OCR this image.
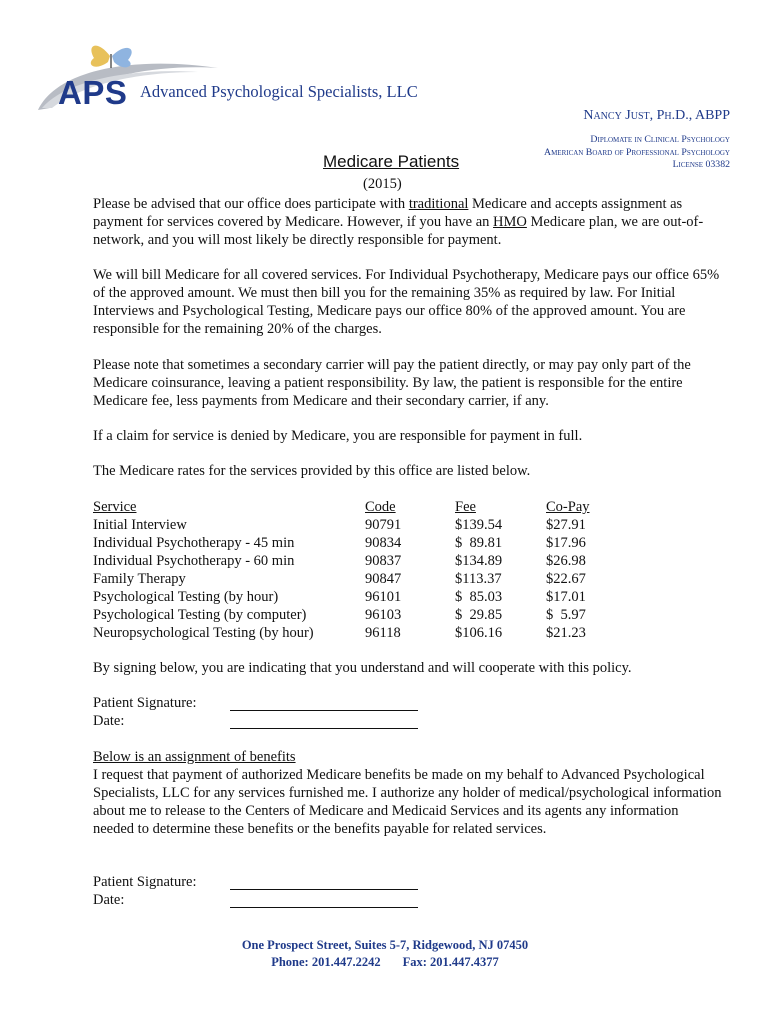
APS Advanced Psychological Specialists, LLC
Nancy Just, Ph.D., ABPP
Diplomate in Clinical Psychology
American Board of Professional Psychology
License 03382
Medicare Patients
(2015)
Please be advised that our office does participate with traditional Medicare and accepts assignment as payment for services covered by Medicare. However, if you have an HMO Medicare plan, we are out-of-network, and you will most likely be directly responsible for payment.
We will bill Medicare for all covered services. For Individual Psychotherapy, Medicare pays our office 65% of the approved amount. We must then bill you for the remaining 35% as required by law. For Initial Interviews and Psychological Testing, Medicare pays our office 80% of the approved amount. You are responsible for the remaining 20% of the charges.
Please note that sometimes a secondary carrier will pay the patient directly, or may pay only part of the Medicare coinsurance, leaving a patient responsibility. By law, the patient is responsible for the entire Medicare fee, less payments from Medicare and their secondary carrier, if any.
If a claim for service is denied by Medicare, you are responsible for payment in full.
The Medicare rates for the services provided by this office are listed below.
Service	Code	Fee	Co-Pay
Initial Interview	90791	$139.54	$27.91
Individual Psychotherapy - 45 min	90834	$  89.81	$17.96
Individual Psychotherapy - 60 min	90837	$134.89	$26.98
Family Therapy	90847	$113.37	$22.67
Psychological Testing (by hour)	96101	$  85.03	$17.01
Psychological Testing (by computer)	96103	$  29.85	$  5.97
Neuropsychological Testing (by hour)	96118	$106.16	$21.23
By signing below, you are indicating that you understand and will cooperate with this policy.
Patient Signature:
Date:
Below is an assignment of benefits
I request that payment of authorized Medicare benefits be made on my behalf to Advanced Psychological Specialists, LLC for any services furnished me. I authorize any holder of medical/psychological information about me to release to the Centers of Medicare and Medicaid Services and its agents any information needed to determine these benefits or the benefits payable for related services.
Patient Signature:
Date:
One Prospect Street, Suites 5-7, Ridgewood, NJ 07450
Phone: 201.447.2242 Fax: 201.447.4377
